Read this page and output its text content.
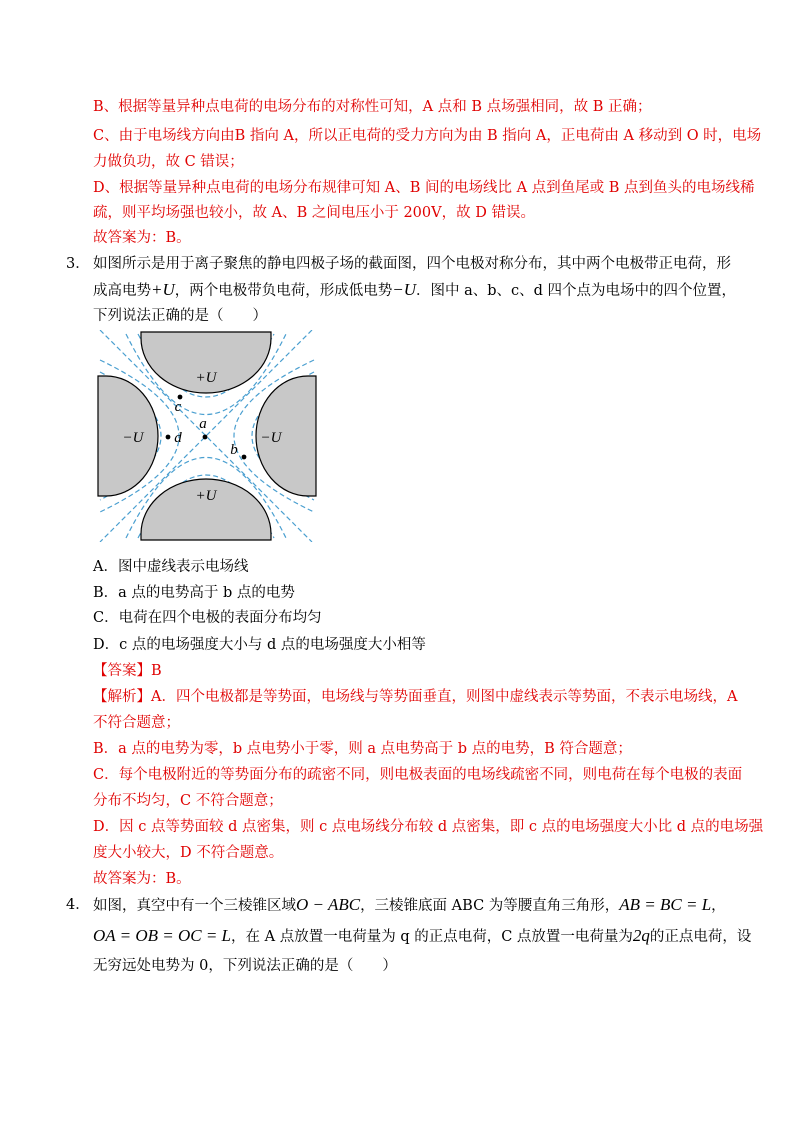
B、根据等量异种点电荷的电场分布的对称性可知，A 点和 B 点场强相同，故 B 正确；
C、由于电场线方向由B 指向 A，所以正电荷的受力方向为由 B 指向 A，正电荷由 A 移动到 O 时，电场
力做负功，故 C 错误；
D、根据等量异种点电荷的电场分布规律可知 A、B 间的电场线比 A 点到鱼尾或 B 点到鱼头的电场线稀
疏，则平均场强也较小，故 A、B 之间电压小于 200V，故 D 错误。
故答案为：B。
3． 如图所示是用于离子聚焦的静电四极子场的截面图，四个电极对称分布，其中两个电极带正电荷，形
成高电势+U，两个电极带负电荷，形成低电势−U．图中 a、b、c、d 四个点为电场中的四个位置，
下列说法正确的是（　　）
+U
+U
−U	−U
c
a
d
b
A．图中虚线表示电场线
B．a 点的电势高于 b 点的电势
C．电荷在四个电极的表面分布均匀
D．c 点的电场强度大小与 d 点的电场强度大小相等
【答案】B
【解析】A．四个电极都是等势面，电场线与等势面垂直，则图中虚线表示等势面，不表示电场线，A
不符合题意；
B．a 点的电势为零，b 点电势小于零，则 a 点电势高于 b 点的电势，B 符合题意；
C．每个电极附近的等势面分布的疏密不同，则电极表面的电场线疏密不同，则电荷在每个电极的表面
分布不均匀，C 不符合题意；
D．因 c 点等势面较 d 点密集，则 c 点电场线分布较 d 点密集，即 c 点的电场强度大小比 d 点的电场强
度大小较大，D 不符合题意。
故答案为：B。
4． 如图，真空中有一个三棱锥区域O − ABC，三棱锥底面 ABC 为等腰直角三角形，AB = BC = L，
OA = OB = OC = L，在 A 点放置一电荷量为 q 的正点电荷，C 点放置一电荷量为2q的正点电荷，设
无穷远处电势为 0，下列说法正确的是（　　）
